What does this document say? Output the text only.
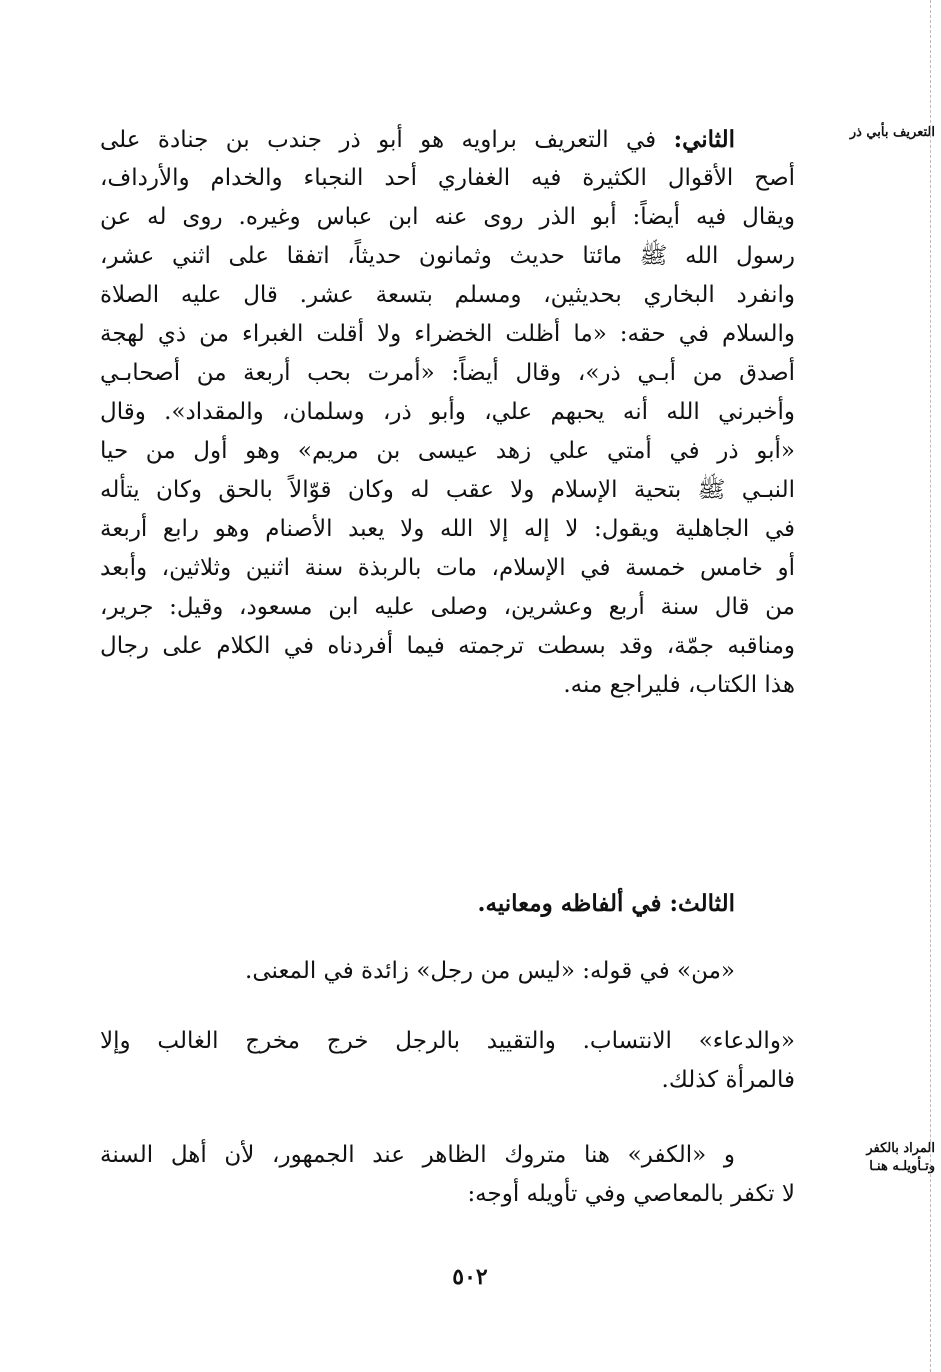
التعريف بأبي ذر
الثاني: في التعريف براويه هو أبو ذر جندب بن جنادة على
أصح الأقوال الكثيرة فيه الغفاري أحد النجباء والخدام والأرداف،
ويقال فيه أيضاً: أبو الذر روى عنه ابن عباس وغيره. روى له عن
رسول الله ﷺ مائتا حديث وثمانون حديثاً، اتفقا على اثني عشر،
وانفرد البخاري بحديثين، ومسلم بتسعة عشر. قال عليه الصلاة
والسلام في حقه: «ما أظلت الخضراء ولا أقلت الغبراء من ذي لهجة
أصدق من أبـي ذر»، وقال أيضاً: «أمرت بحب أربعة من أصحابـي
وأخبرني الله أنه يحبهم علي، وأبو ذر، وسلمان، والمقداد». وقال
«أبو ذر في أمتي علي زهد عيسى بن مريم» وهو أول من حيا
النبـي ﷺ بتحية الإسلام ولا عقب له وكان قوّالاً بالحق وكان يتأله
في الجاهلية ويقول: لا إله إلا الله ولا يعبد الأصنام وهو رابع أربعة
أو خامس خمسة في الإسلام، مات بالربذة سنة اثنين وثلاثين، وأبعد
من قال سنة أربع وعشرين، وصلى عليه ابن مسعود، وقيل: جرير،
ومناقبه جمّة، وقد بسطت ترجمته فيما أفردناه في الكلام على رجال
هذا الكتاب، فليراجع منه.
الثالث: في ألفاظه ومعانيه.
«من» في قوله: «ليس من رجل» زائدة في المعنى.
«والدعاء» الانتساب. والتقييد بالرجل خرج مخرج الغالب وإلا
فالمرأة كذلك.
المراد بالكفر
وتـأويلـه هنـا
و «الكفر» هنا متروك الظاهر عند الجمهور، لأن أهل السنة
لا تكفر بالمعاصي وفي تأويله أوجه:
٥٠٢
